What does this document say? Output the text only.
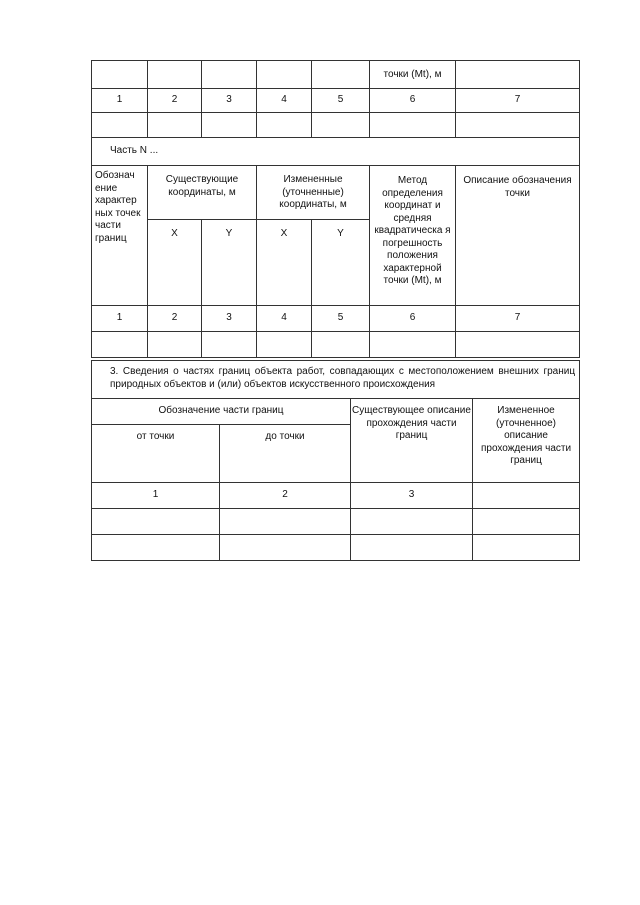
					точки (Mt), м	
1	2	3	4	5	6	7

Часть N ...						
Обознач ение характер ных точек части границ	Существующие координаты, м		Измененные (уточненные) координаты, м		Метод определения координат и средняя квадратическа я погрешность положения характерной точки (Mt), м	Описание обозначения точки
	X	Y	X	Y		
1	2	3	4	5	6	7

3. Сведения о частях границ объекта работ, совпадающих с местоположением внешних границ природных объектов и (или) объектов искусственного происхождения			
Обозначение части границ		Существующее описание прохождения части границ	Измененное (уточненное) описание прохождения части границ
от точки	до точки		
1	2	3	
